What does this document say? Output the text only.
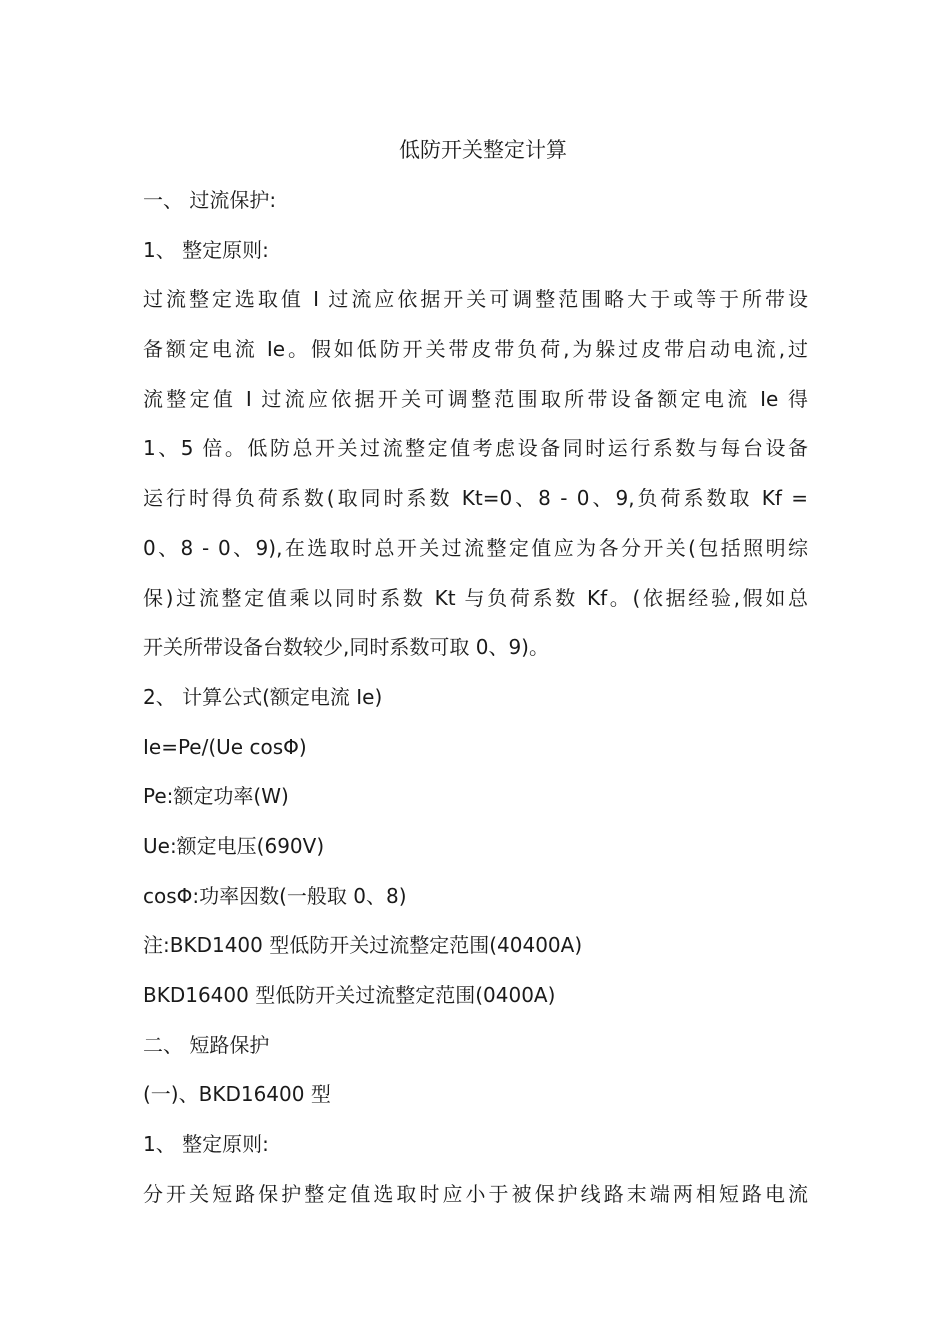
低防开关整定计算
一、 过流保护:
1、 整定原则:
过流整定选取值 I 过流应依据开关可调整范围略大于或等于所带设
备额定电流 Ie。假如低防开关带皮带负荷,为躲过皮带启动电流,过
流整定值 I 过流应依据开关可调整范围取所带设备额定电流 Ie 得
1、5 倍。低防总开关过流整定值考虑设备同时运行系数与每台设备
运行时得负荷系数(取同时系数 Kt=0、8 - 0、9,负荷系数取 Kf =
0、8 - 0、9),在选取时总开关过流整定值应为各分开关(包括照明综
保)过流整定值乘以同时系数 Kt 与负荷系数 Kf。(依据经验,假如总
开关所带设备台数较少,同时系数可取 0、9)。
2、 计算公式(额定电流 Ie)
Ie=Pe/(Ue cosΦ)
Pe:额定功率(W)
Ue:额定电压(690V)
cosΦ:功率因数(一般取 0、8)
注:BKD1400 型低防开关过流整定范围(40400A)
BKD16400 型低防开关过流整定范围(0400A)
二、 短路保护
(一)、BKD16400 型
1、 整定原则:
分开关短路保护整定值选取时应小于被保护线路末端两相短路电流
